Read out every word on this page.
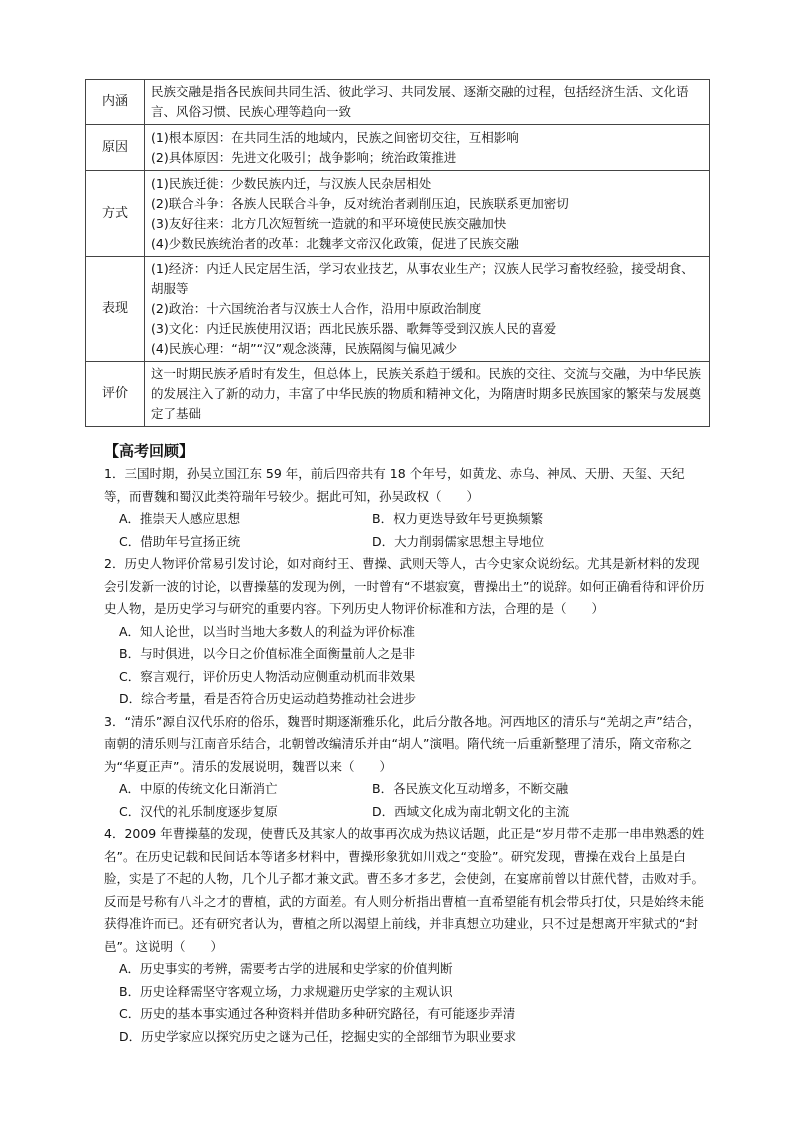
内涵	民族交融是指各民族间共同生活、彼此学习、共同发展、逐渐交融的过程，包括经济生活、文化语言、风俗习惯、民族心理等趋向一致

原因	(1)根本原因：在共同生活的地域内，民族之间密切交往，互相影响
(2)具体原因：先进文化吸引；战争影响；统治政策推进

方式	(1)民族迁徙：少数民族内迁，与汉族人民杂居相处
(2)联合斗争：各族人民联合斗争，反对统治者剥削压迫，民族联系更加密切
(3)友好往来：北方几次短暂统一造就的和平环境使民族交融加快
(4)少数民族统治者的改革：北魏孝文帝汉化政策，促进了民族交融

表现	(1)经济：内迁人民定居生活，学习农业技艺，从事农业生产；汉族人民学习畜牧经验，接受胡食、胡服等
(2)政治：十六国统治者与汉族士人合作，沿用中原政治制度
(3)文化：内迁民族使用汉语；西北民族乐器、歌舞等受到汉族人民的喜爱
(4)民族心理：“胡”“汉”观念淡薄，民族隔阂与偏见减少

评价	这一时期民族矛盾时有发生，但总体上，民族关系趋于缓和。民族的交往、交流与交融，为中华民族的发展注入了新的动力，丰富了中华民族的物质和精神文化，为隋唐时期多民族国家的繁荣与发展奠定了基础
【高考回顾】
1．三国时期，孙吴立国江东 59 年，前后四帝共有 18 个年号，如黄龙、赤乌、神凤、天册、天玺、天纪等，而曹魏和蜀汉此类符瑞年号较少。据此可知，孙吴政权（　　）
A．推崇天人感应思想	B．权力更迭导致年号更换频繁
C．借助年号宣扬正统	D．大力削弱儒家思想主导地位
2．历史人物评价常易引发讨论，如对商纣王、曹操、武则天等人，古今史家众说纷纭。尤其是新材料的发现会引发新一波的讨论，以曹操墓的发现为例，一时曾有“不堪寂寞，曹操出土”的说辞。如何正确看待和评价历史人物，是历史学习与研究的重要内容。下列历史人物评价标准和方法，合理的是（　　）
A．知人论世，以当时当地大多数人的利益为评价标准
B．与时俱进，以今日之价值标准全面衡量前人之是非
C．察言观行，评价历史人物活动应侧重动机而非效果
D．综合考量，看是否符合历史运动趋势推动社会进步
3．“清乐”源自汉代乐府的俗乐，魏晋时期逐渐雅乐化，此后分散各地。河西地区的清乐与“羌胡之声”结合，南朝的清乐则与江南音乐结合，北朝曾改编清乐并由“胡人”演唱。隋代统一后重新整理了清乐，隋文帝称之为“华夏正声”。清乐的发展说明，魏晋以来（　　）
A．中原的传统文化日渐消亡	B．各民族文化互动增多，不断交融
C．汉代的礼乐制度逐步复原	D．西域文化成为南北朝文化的主流
4．2009 年曹操墓的发现，使曹氏及其家人的故事再次成为热议话题，此正是“岁月带不走那一串串熟悉的姓名”。在历史记载和民间话本等诸多材料中，曹操形象犹如川戏之“变脸”。研究发现，曹操在戏台上虽是白脸，实是了不起的人物，几个儿子都才兼文武。曹丕多才多艺，会使剑，在宴席前曾以甘蔗代替，击败对手。反而是号称有八斗之才的曹植，武的方面差。有人则分析指出曹植一直希望能有机会带兵打仗，只是始终未能获得准许而已。还有研究者认为，曹植之所以渴望上前线，并非真想立功建业，只不过是想离开牢狱式的“封邑”。这说明（　　）
A．历史事实的考辨，需要考古学的进展和史学家的价值判断
B．历史诠释需坚守客观立场，力求规避历史学家的主观认识
C．历史的基本事实通过各种资料并借助多种研究路径，有可能逐步弄清
D．历史学家应以探究历史之谜为己任，挖掘史实的全部细节为职业要求
